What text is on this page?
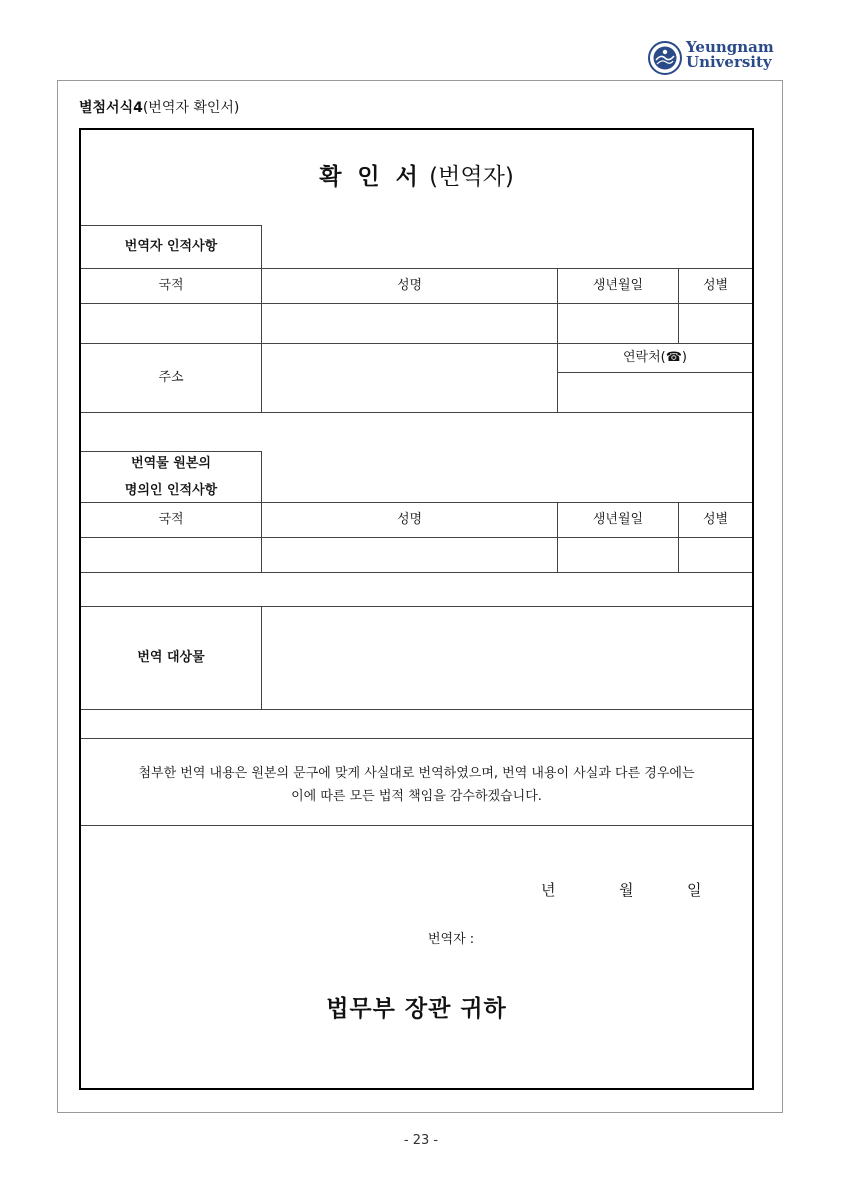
Yeungnam
University
별첨서식4(번역자 확인서)
확 인 서 (번역자)
번역자 인적사항
국적	성명	생년월일	성별
주소
연락처(☎)
번역물 원본의
명의인 인적사항
국적	성명	생년월일	성별
번역 대상물
첨부한 번역 내용은 원본의 문구에 맞게 사실대로 번역하였으며, 번역 내용이 사실과 다른 경우에는
이에 따른 모든 법적 책임을 감수하겠습니다.
년	월	일
번역자 :
법무부 장관 귀하
- 23 -
